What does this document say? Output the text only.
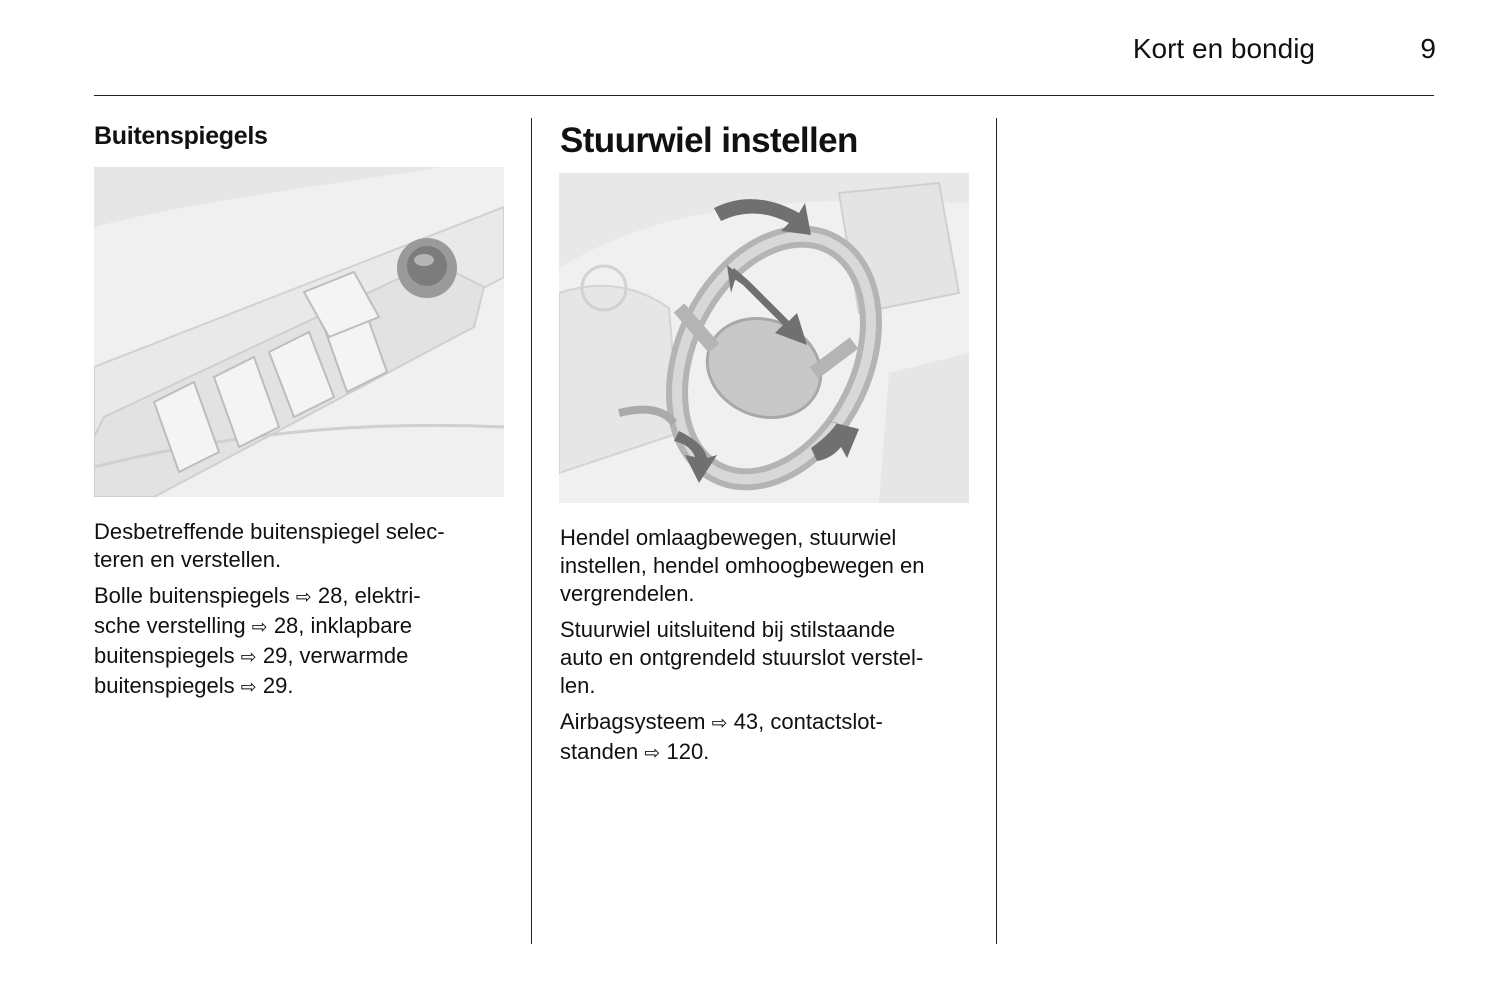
Kort en bondig	9
Buitenspiegels

Desbetreffende buitenspiegel selec-
teren en verstellen.

Bolle buitenspiegels ⇨ 28, elektri-
sche verstelling ⇨ 28, inklapbare
buitenspiegels ⇨ 29, verwarmde
buitenspiegels ⇨ 29.

Stuurwiel instellen

Hendel omlaagbewegen, stuurwiel
instellen, hendel omhoogbewegen en
vergrendelen.

Stuurwiel uitsluitend bij stilstaande
auto en ontgrendeld stuurslot verstel-
len.

Airbagsysteem ⇨ 43, contactslot-
standen ⇨ 120.
